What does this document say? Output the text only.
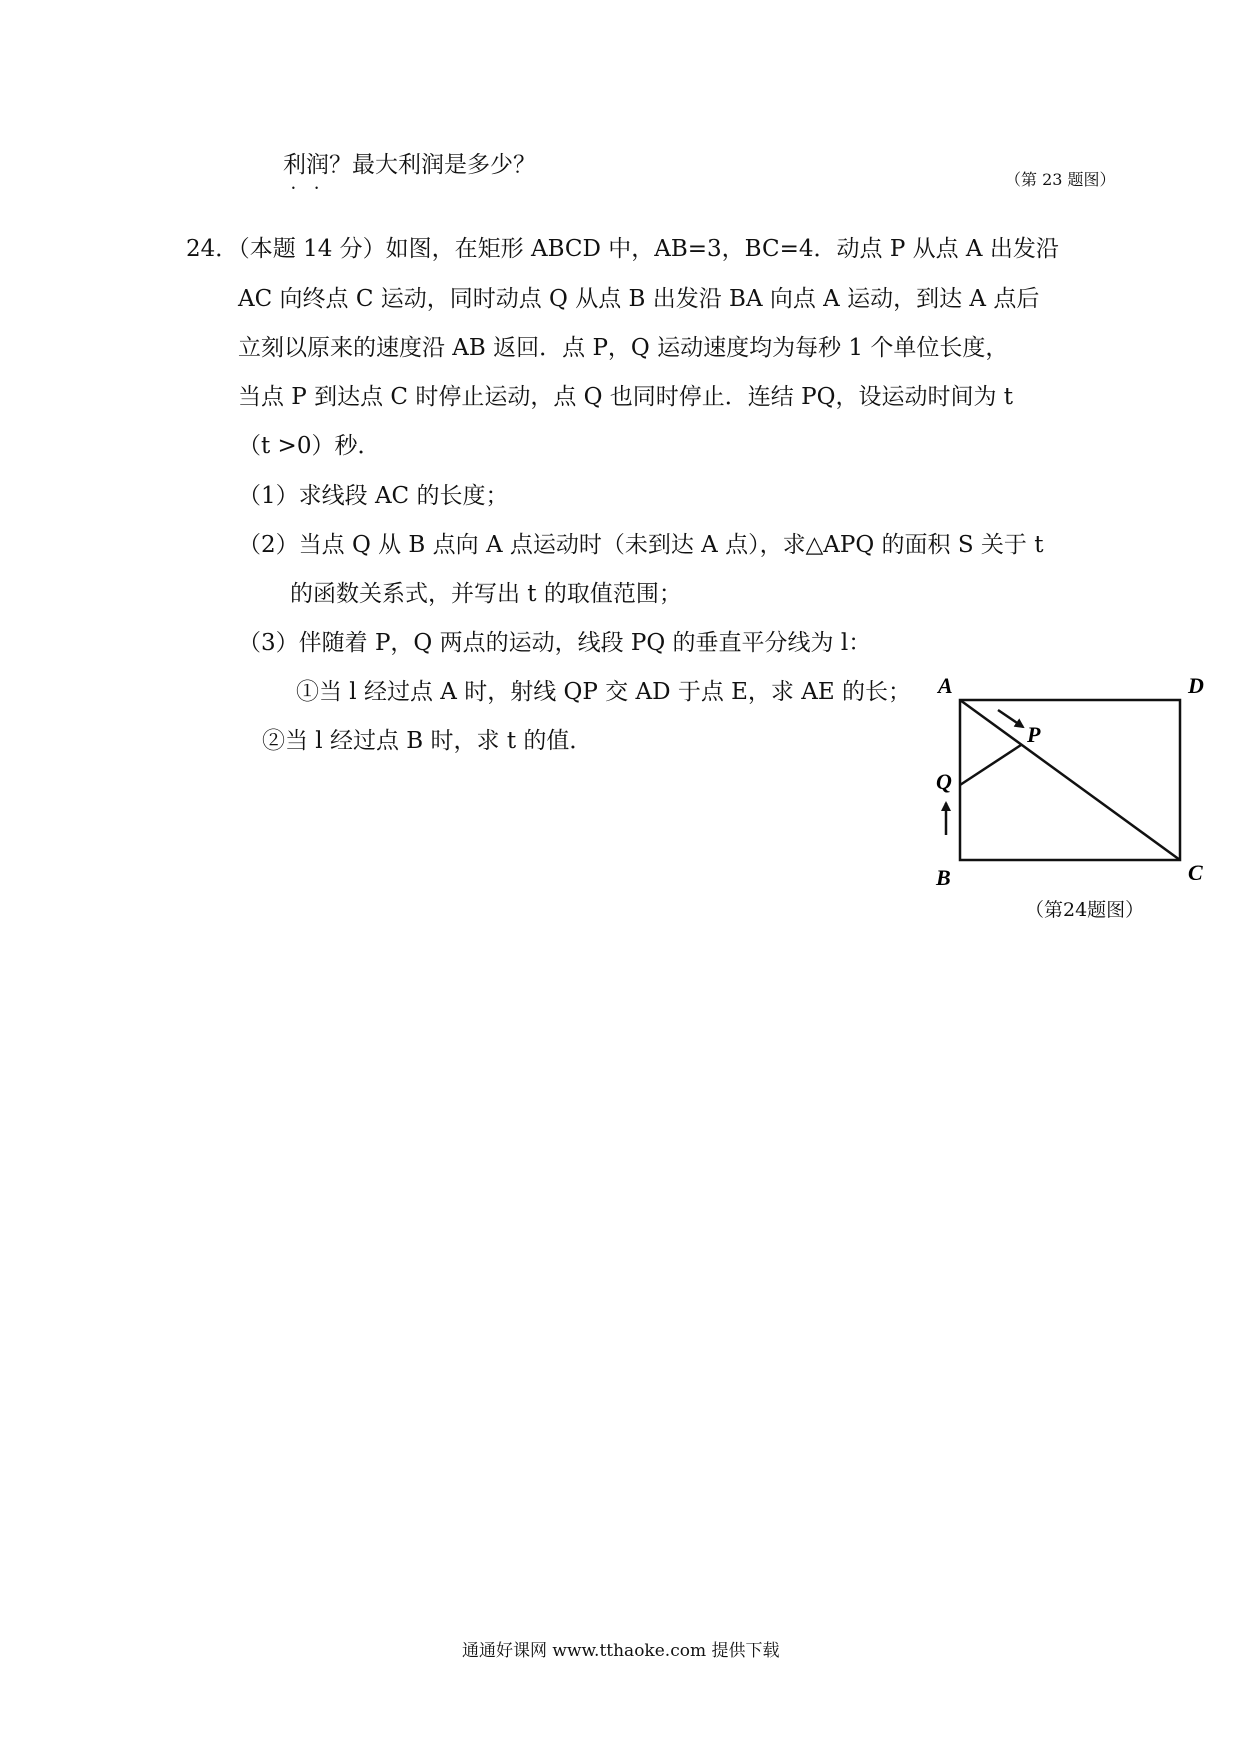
利润？最大利润是多少？ • •
（第 23 题图）
24．（本题 14 分）如图，在矩形 ABCD 中，AB=3，BC=4．动点 P 从点 A 出发沿
AC 向终点 C 运动，同时动点 Q 从点 B 出发沿 BA 向点 A 运动，到达 A 点后
立刻以原来的速度沿 AB 返回．点 P，Q 运动速度均为每秒 1 个单位长度，
当点 P 到达点 C 时停止运动，点 Q 也同时停止．连结 PQ，设运动时间为 t
（t >0）秒．
（1）求线段 AC 的长度；
（2）当点 Q 从 B 点向 A 点运动时（未到达 A 点），求△APQ 的面积 S 关于 t
的函数关系式，并写出 t 的取值范围；
（3）伴随着 P，Q 两点的运动，线段 PQ 的垂直平分线为 l：
①当 l 经过点 A 时，射线 QP 交 AD 于点 E，求 AE 的长；
②当 l 经过点 B 时，求 t 的值．
A	D
P
Q
B	C
（第24题图）
通通好课网 www.tthaoke.com 提供下载
